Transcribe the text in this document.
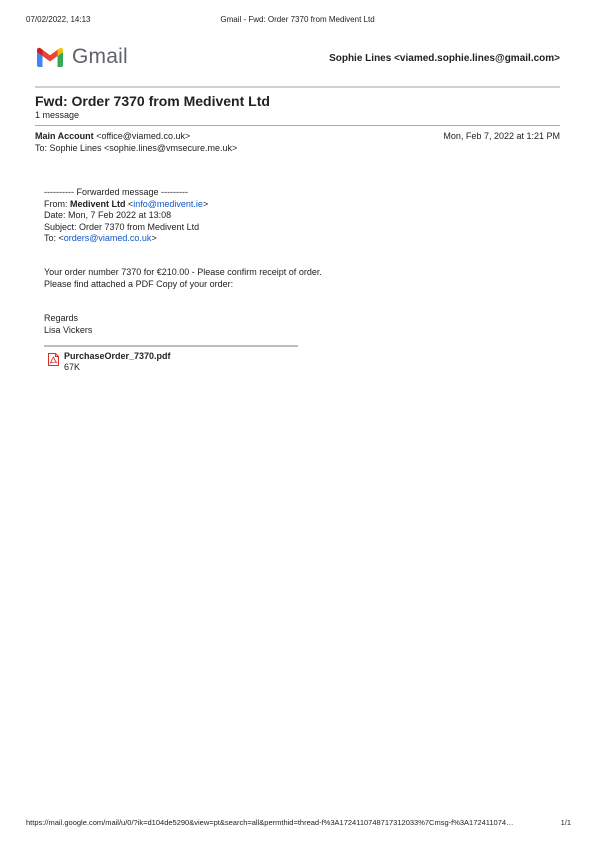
07/02/2022, 14:13	Gmail - Fwd: Order 7370 from Medivent Ltd
Gmail	Sophie Lines <viamed.sophie.lines@gmail.com>
Fwd: Order 7370 from Medivent Ltd
1 message
Main Account <office@viamed.co.uk>	Mon, Feb 7, 2022 at 1:21 PM
To: Sophie Lines <sophie.lines@vmsecure.me.uk>
---------- Forwarded message ---------
From: Medivent Ltd <info@medivent.ie>
Date: Mon, 7 Feb 2022 at 13:08
Subject: Order 7370 from Medivent Ltd
To: <orders@viamed.co.uk>
Your order number 7370 for €210.00 - Please confirm receipt of order.
Please find attached a PDF Copy of your order:
Regards
Lisa Vickers
PurchaseOrder_7370.pdf
67K
https://mail.google.com/mail/u/0/?ik=d104de5290&view=pt&search=all&permthid=thread-f%3A1724110748717312033%7Cmsg-f%3A172411074…	1/1
